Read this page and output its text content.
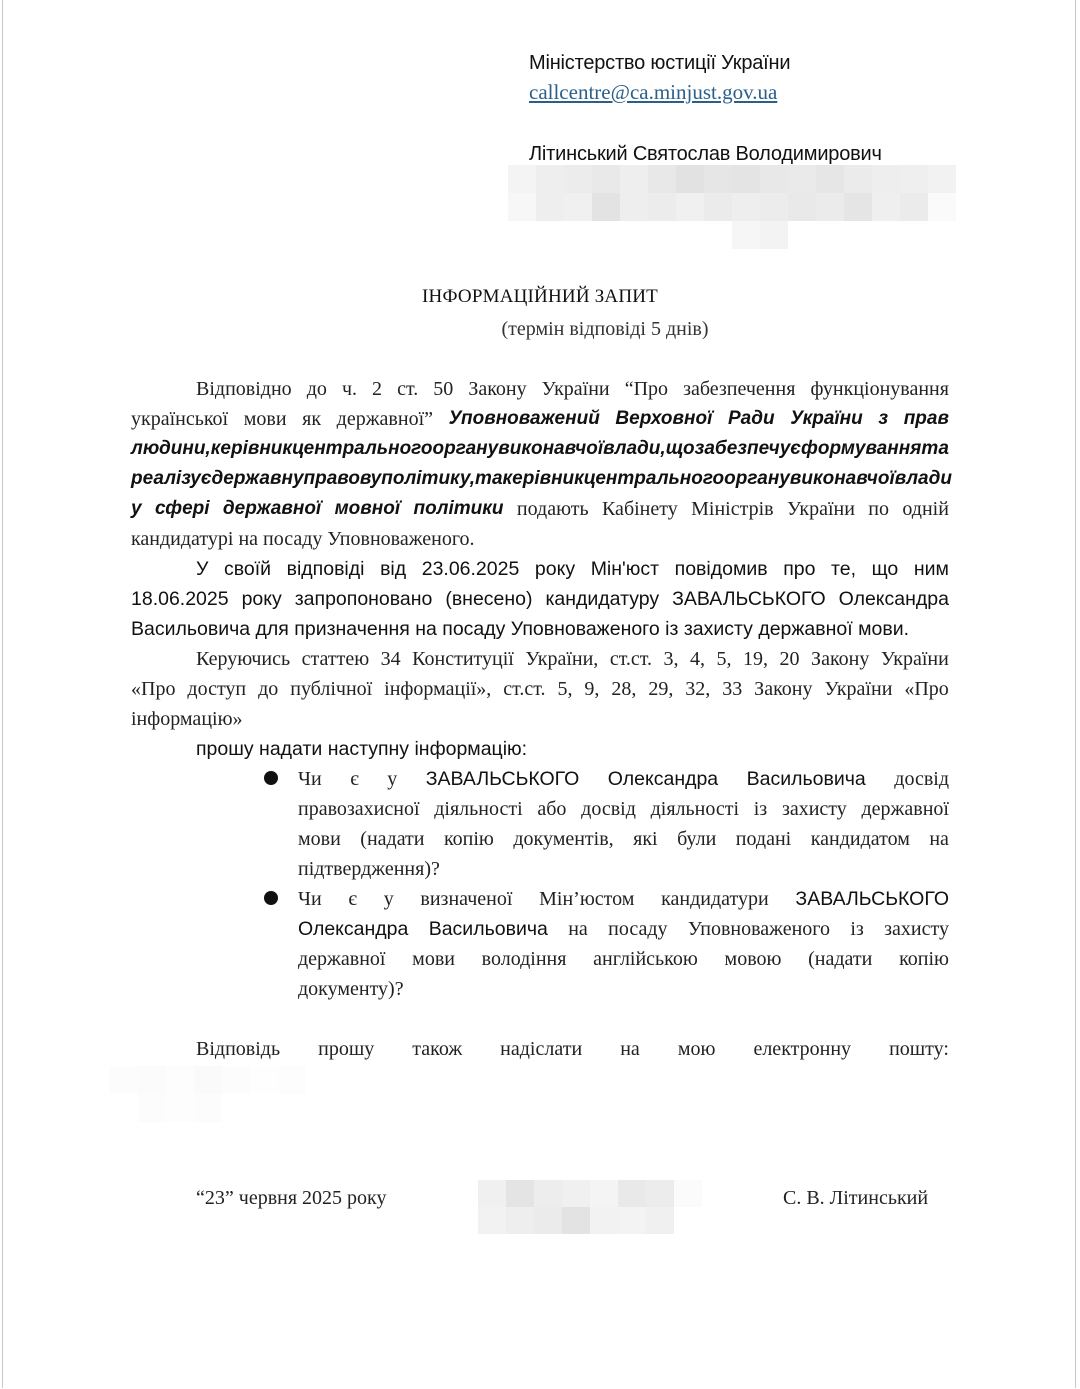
Міністерство юстиції України
callcentre@ca.minjust.gov.ua
Літинський Святослав Володимирович
ІНФОРМАЦІЙНИЙ ЗАПИТ
(термін відповіді 5 днів)
Відповідно до ч. 2 ст. 50 Закону України “Про забезпечення функціонування
української мови як державної” Уповноважений Верховної Ради України з прав
людини, керівник центрального органу виконавчої влади, що забезпечує формування та
реалізує державну правову політику, та керівник центрального органу виконавчої влади
у сфері державної мовної політики подають Кабінету Міністрів України по одній
кандидатурі на посаду Уповноваженого.
У своїй відповіді від 23.06.2025 року Мін'юст повідомив про те, що ним
18.06.2025 року запропоновано (внесено) кандидатуру ЗАВАЛЬСЬКОГО Олександра
Васильовича для призначення на посаду Уповноваженого із захисту державної мови.
Керуючись статтею 34 Конституції України, ст.ст. 3, 4, 5, 19, 20 Закону України
«Про доступ до публічної інформації», ст.ст. 5, 9, 28, 29, 32, 33 Закону України «Про
інформацію»
прошу надати наступну інформацію:
Чи є у ЗАВАЛЬСЬКОГО Олександра Васильовича досвід
правозахисної діяльності або досвід діяльності із захисту державної
мови (надати копію документів, які були подані кандидатом на
підтвердження)?
Чи є у визначеної Мін’юстом кандидатури ЗАВАЛЬСЬКОГО
Олександра Васильовича на посаду Уповноваженого із захисту
державної мови володіння англійською мовою (надати копію
документу)?
Відповідь прошу також надіслати на мою електронну пошту:
“23” червня 2025 року	С. В. Літинський
